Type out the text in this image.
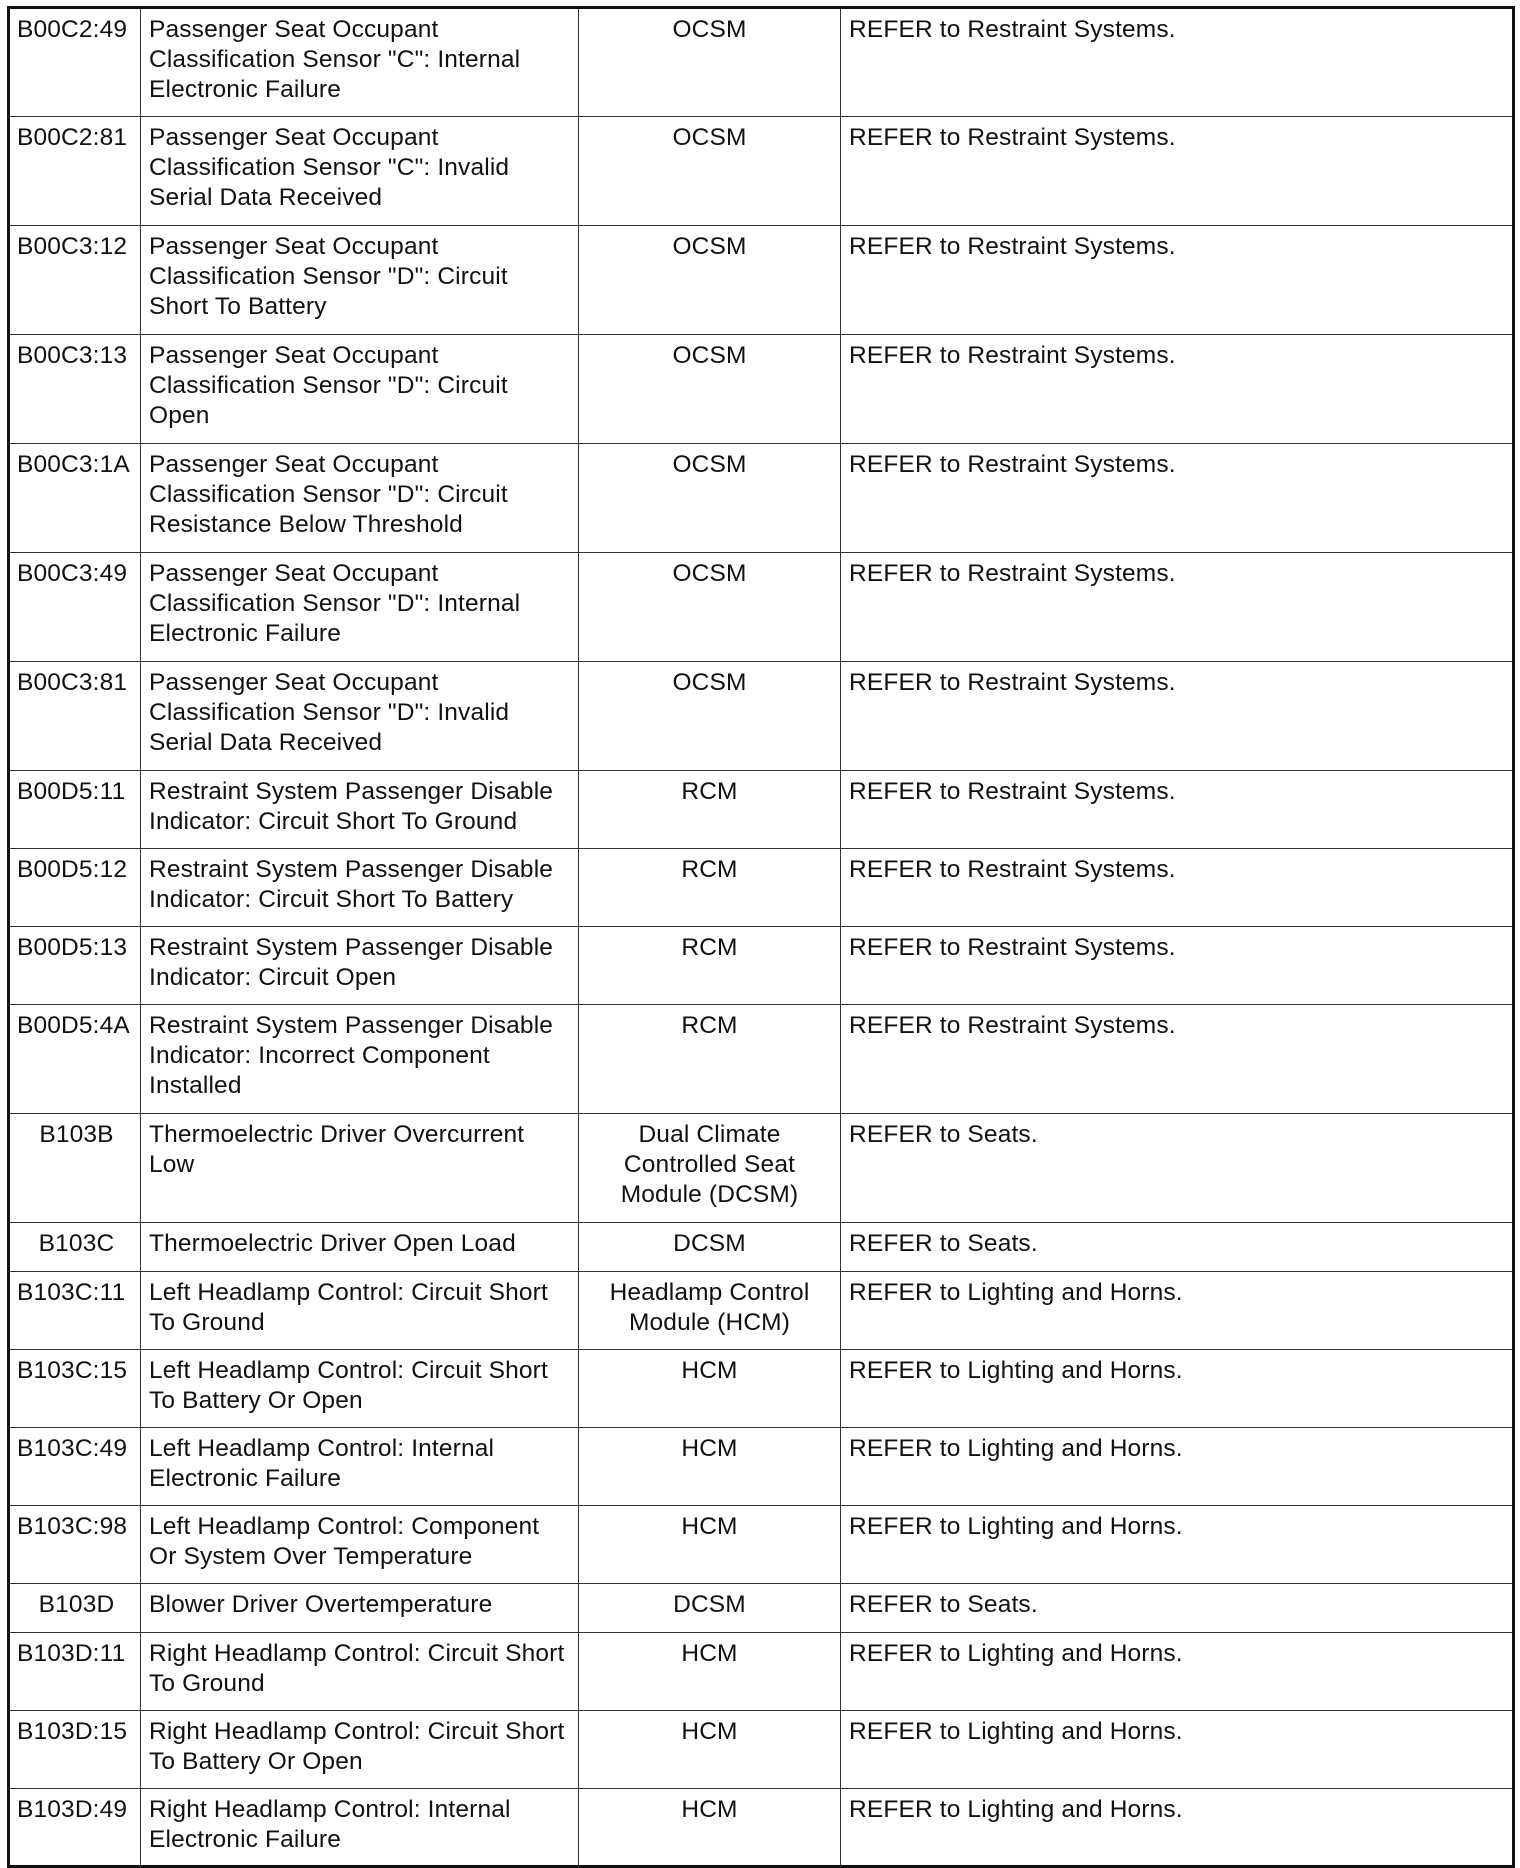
B00C2:49	Passenger Seat Occupant Classification Sensor "C": Internal Electronic Failure	OCSM	REFER to Restraint Systems.
B00C2:81	Passenger Seat Occupant Classification Sensor "C": Invalid Serial Data Received	OCSM	REFER to Restraint Systems.
B00C3:12	Passenger Seat Occupant Classification Sensor "D": Circuit Short To Battery	OCSM	REFER to Restraint Systems.
B00C3:13	Passenger Seat Occupant Classification Sensor "D": Circuit Open	OCSM	REFER to Restraint Systems.
B00C3:1A	Passenger Seat Occupant Classification Sensor "D": Circuit Resistance Below Threshold	OCSM	REFER to Restraint Systems.
B00C3:49	Passenger Seat Occupant Classification Sensor "D": Internal Electronic Failure	OCSM	REFER to Restraint Systems.
B00C3:81	Passenger Seat Occupant Classification Sensor "D": Invalid Serial Data Received	OCSM	REFER to Restraint Systems.
B00D5:11	Restraint System Passenger Disable Indicator: Circuit Short To Ground	RCM	REFER to Restraint Systems.
B00D5:12	Restraint System Passenger Disable Indicator: Circuit Short To Battery	RCM	REFER to Restraint Systems.
B00D5:13	Restraint System Passenger Disable Indicator: Circuit Open	RCM	REFER to Restraint Systems.
B00D5:4A	Restraint System Passenger Disable Indicator: Incorrect Component Installed	RCM	REFER to Restraint Systems.
B103B	Thermoelectric Driver Overcurrent Low	Dual Climate Controlled Seat Module (DCSM)	REFER to Seats.
B103C	Thermoelectric Driver Open Load	DCSM	REFER to Seats.
B103C:11	Left Headlamp Control: Circuit Short To Ground	Headlamp Control Module (HCM)	REFER to Lighting and Horns.
B103C:15	Left Headlamp Control: Circuit Short To Battery Or Open	HCM	REFER to Lighting and Horns.
B103C:49	Left Headlamp Control: Internal Electronic Failure	HCM	REFER to Lighting and Horns.
B103C:98	Left Headlamp Control: Component Or System Over Temperature	HCM	REFER to Lighting and Horns.
B103D	Blower Driver Overtemperature	DCSM	REFER to Seats.
B103D:11	Right Headlamp Control: Circuit Short To Ground	HCM	REFER to Lighting and Horns.
B103D:15	Right Headlamp Control: Circuit Short To Battery Or Open	HCM	REFER to Lighting and Horns.
B103D:49	Right Headlamp Control: Internal Electronic Failure	HCM	REFER to Lighting and Horns.
